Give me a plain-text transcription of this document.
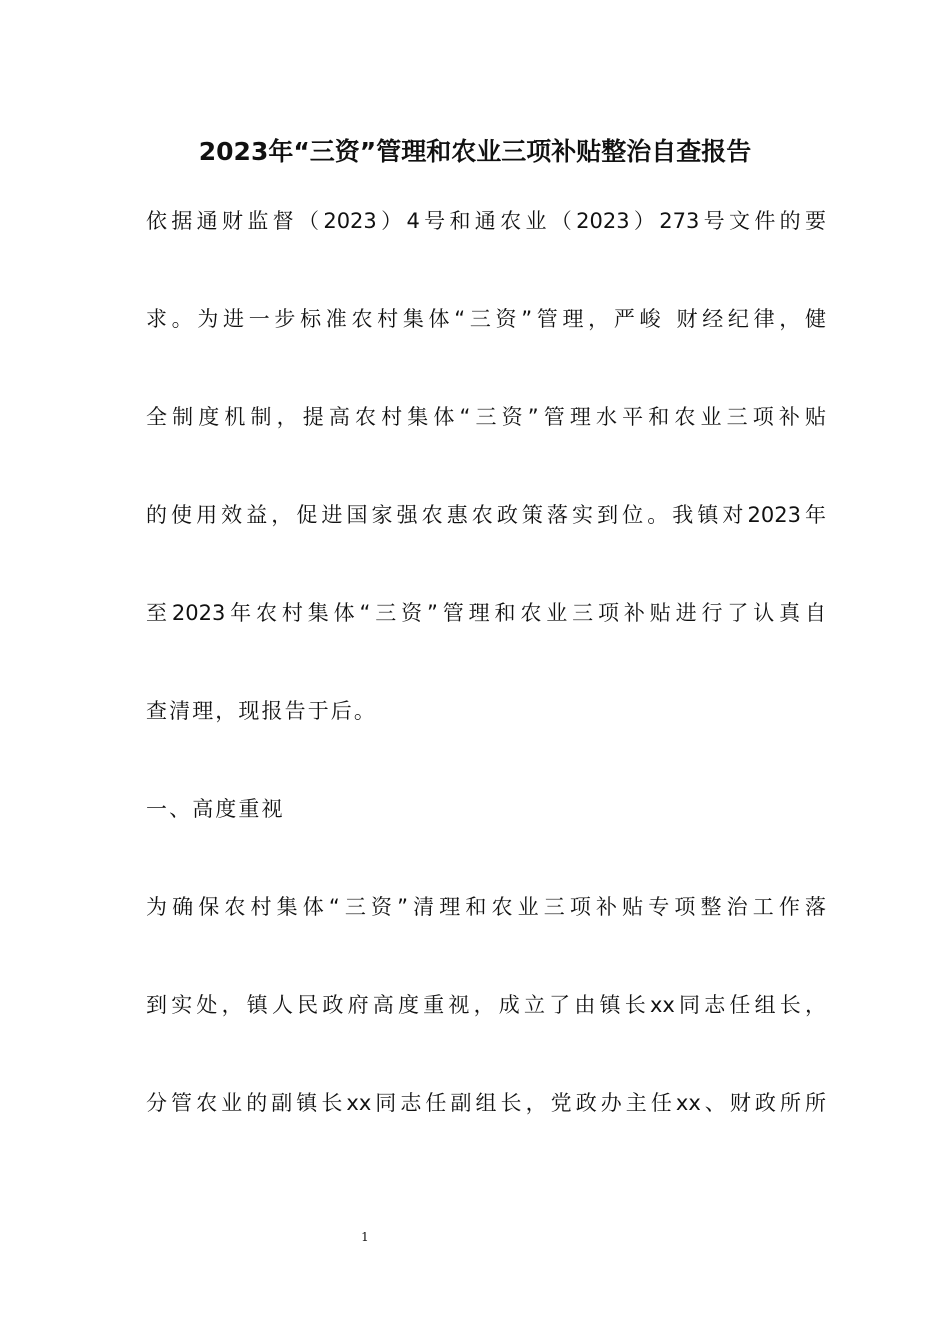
2023年“三资”管理和农业三项补贴整治自查报告
依据通财监督（2023）4号和通农业（2023）273号文件的要
求。为进一步标准农村集体“三资”管理，严峻 财经纪律，健
全制度机制，提高农村集体“三资”管理水平和农业三项补贴
的使用效益，促进国家强农惠农政策落实到位。我镇对2023年
至2023年农村集体“三资”管理和农业三项补贴进行了认真自
查清理，现报告于后。
一、高度重视
为确保农村集体“三资”清理和农业三项补贴专项整治工作落
到实处，镇人民政府高度重视，成立了由镇长xx同志任组长，
分管农业的副镇长xx同志任副组长，党政办主任xx、财政所所
1
